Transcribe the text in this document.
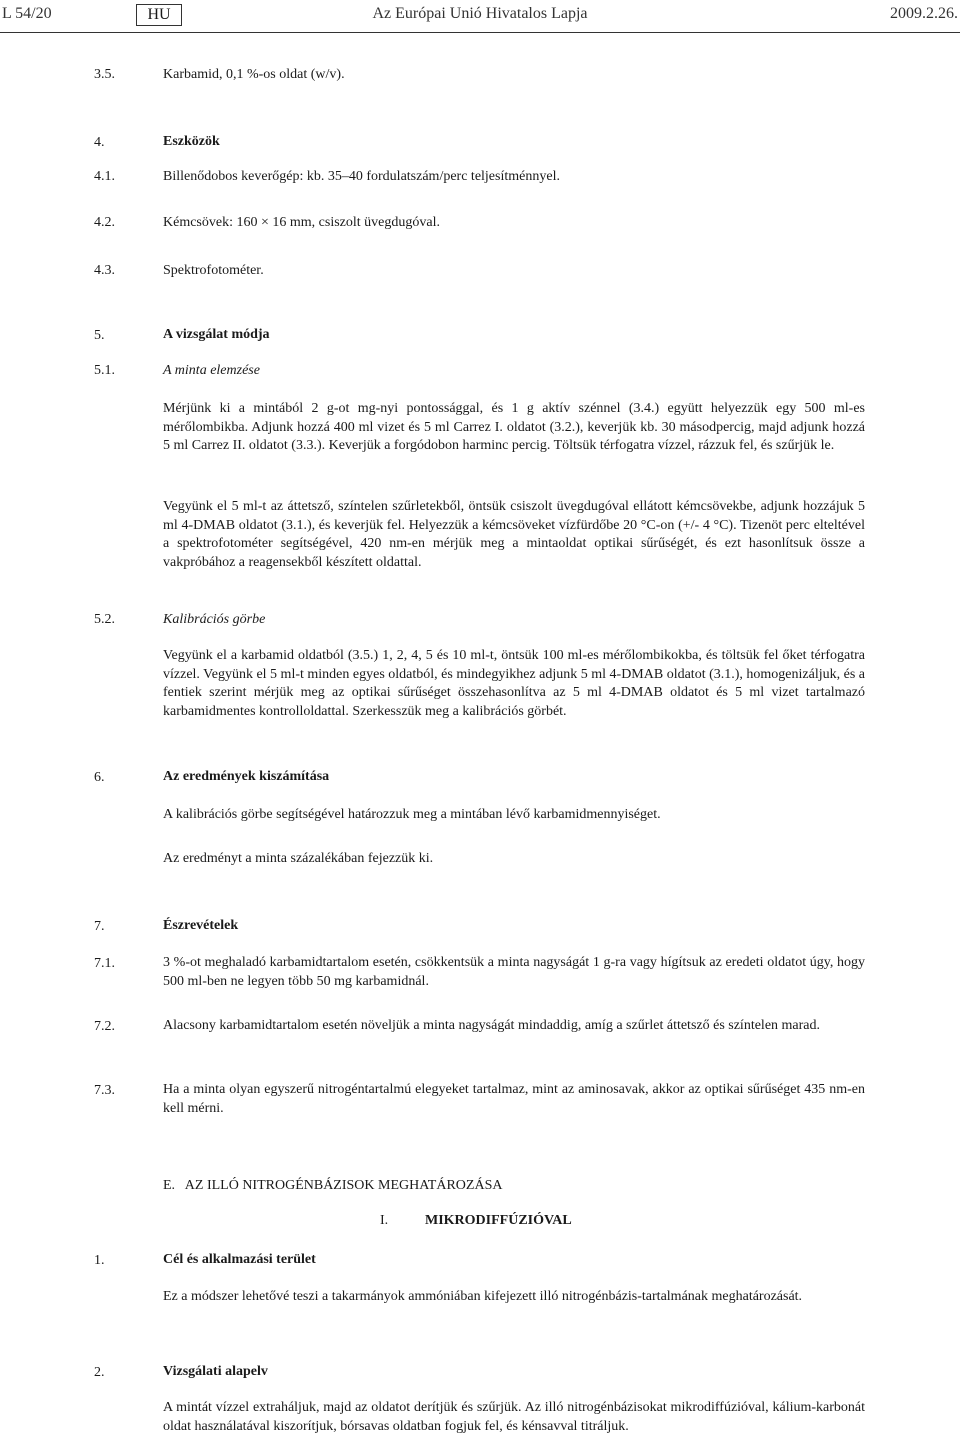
L 54/20	HU	Az Európai Unió Hivatalos Lapja	2009.2.26.
3.5.	Karbamid, 0,1 %-os oldat (w/v).
4.	Eszközök
4.1.	Billenődobos keverőgép: kb. 35–40 fordulatszám/perc teljesítménnyel.
4.2.	Kémcsövek: 160 × 16 mm, csiszolt üvegdugóval.
4.3.	Spektrofotométer.
5.	A vizsgálat módja
5.1.	A minta elemzése
Mérjünk ki a mintából 2 g-ot mg-nyi pontossággal, és 1 g aktív szénnel (3.4.) együtt helyezzük egy 500 ml-es mérőlombikba. Adjunk hozzá 400 ml vizet és 5 ml Carrez I. oldatot (3.2.), keverjük kb. 30 másodpercig, majd adjunk hozzá 5 ml Carrez II. oldatot (3.3.). Keverjük a forgódobon harminc percig. Töltsük térfogatra vízzel, rázzuk fel, és szűrjük le.
Vegyünk el 5 ml-t az áttetsző, színtelen szűrletekből, öntsük csiszolt üvegdugóval ellátott kémcsövekbe, adjunk hozzájuk 5 ml 4-DMAB oldatot (3.1.), és keverjük fel. Helyezzük a kémcsöveket vízfürdőbe 20 °C-on (+/- 4 °C). Tizenöt perc elteltével a spektrofotométer segítségével, 420 nm-en mérjük meg a mintaoldat optikai sűrűségét, és ezt hasonlítsuk össze a vakpróbához a reagensekből készített oldattal.
5.2.	Kalibrációs görbe
Vegyünk el a karbamid oldatból (3.5.) 1, 2, 4, 5 és 10 ml-t, öntsük 100 ml-es mérőlombikokba, és töltsük fel őket térfogatra vízzel. Vegyünk el 5 ml-t minden egyes oldatból, és mindegyikhez adjunk 5 ml 4-DMAB oldatot (3.1.), homogenizáljuk, és a fentiek szerint mérjük meg az optikai sűrűséget összehasonlítva az 5 ml 4-DMAB oldatot és 5 ml vizet tartalmazó karbamidmentes kontrolloldattal. Szerkesszük meg a kalibrációs görbét.
6.	Az eredmények kiszámítása
A kalibrációs görbe segítségével határozzuk meg a mintában lévő karbamidmennyiséget.
Az eredményt a minta százalékában fejezzük ki.
7.	Észrevételek
7.1.	3 %-ot meghaladó karbamidtartalom esetén, csökkentsük a minta nagyságát 1 g-ra vagy hígítsuk az eredeti oldatot úgy, hogy 500 ml-ben ne legyen több 50 mg karbamidnál.
7.2.	Alacsony karbamidtartalom esetén növeljük a minta nagyságát mindaddig, amíg a szűrlet áttetsző és színtelen marad.
7.3.	Ha a minta olyan egyszerű nitrogéntartalmú elegyeket tartalmaz, mint az aminosavak, akkor az optikai sűrűséget 435 nm-en kell mérni.
E.   AZ ILLÓ NITROGÉNBÁZISOK MEGHATÁROZÁSA
I.	MIKRODIFFÚZIÓVAL
1.	Cél és alkalmazási terület
Ez a módszer lehetővé teszi a takarmányok ammóniában kifejezett illó nitrogénbázis-tartalmának meghatározását.
2.	Vizsgálati alapelv
A mintát vízzel extraháljuk, majd az oldatot derítjük és szűrjük. Az illó nitrogénbázisokat mikrodiffúzióval, kálium-karbonát oldat használatával kiszorítjuk, bórsavas oldatban fogjuk fel, és kénsavval titráljuk.
